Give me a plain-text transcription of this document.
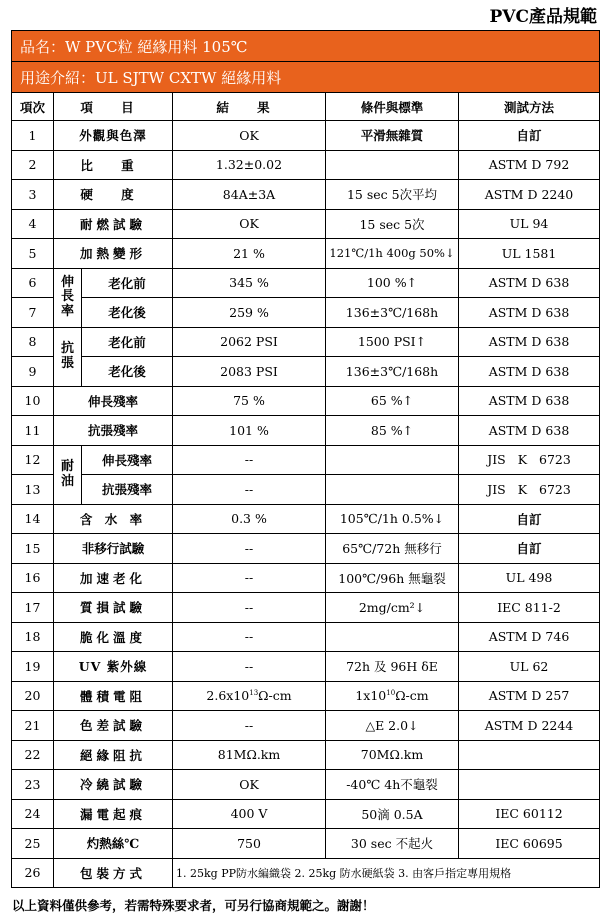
PVC產品規範
品名：W PVC粒 絕緣用料 105℃					
用途介紹：UL SJTW CXTW 絕緣用料					
項次	項 目		結 果	條件與標準	測試方法
1	外觀與色澤		OK	平滑無雜質	自訂
2	比 重		1.32±0.02		ASTM D 792
3	硬 度		84A±3A	15 sec 5次平均	ASTM D 2240
4	耐燃試驗		OK	15 sec 5次	UL 94
5	加熱變形		21 %	121℃/1h 400g 50%↓	UL 1581
6	伸長率	老化前	345 %	100 %↑	ASTM D 638
7		老化後	259 %	136±3℃/168h	ASTM D 638
8	抗張	老化前	2062 PSI	1500 PSI↑	ASTM D 638
9		老化後	2083 PSI	136±3℃/168h	ASTM D 638
10	伸長殘率		75 %	65 %↑	ASTM D 638
11	抗張殘率		101 %	85 %↑	ASTM D 638
12	耐油	伸長殘率	--		JIS K 6723
13		抗張殘率	--		JIS K 6723
14	含 水 率		0.3 %	105℃/1h 0.5%↓	自訂
15	非移行試驗		--	65℃/72h 無移行	自訂
16	加速老化		--	100℃/96h 無龜裂	UL 498
17	質損試驗		--	2mg/cm²↓	IEC 811-2
18	脆化溫度		--		ASTM D 746
19	UV 紫外線		--	72h 及 96H δE	UL 62
20	體積電阻		$2.6x10^{13}\Omega-cm$	$1x10^{10}\Omega-cm$	ASTM D 257
21	色差試驗		--	△E 2.0↓	ASTM D 2244
22	絕緣阻抗		81MΩ.km	70MΩ.km	
23	冷繞試驗		OK	-40℃ 4h不龜裂	
24	漏電起痕		400 V	50滴 0.5A	IEC 60112
25	灼熱絲℃		750	30 sec 不起火	IEC 60695
26	包裝方式		1. 25kg PP防水編織袋 2. 25kg 防水硬紙袋 3. 由客戶指定專用規格		
以上資料僅供參考，若需特殊要求者，可另行協商規範之。謝謝！
